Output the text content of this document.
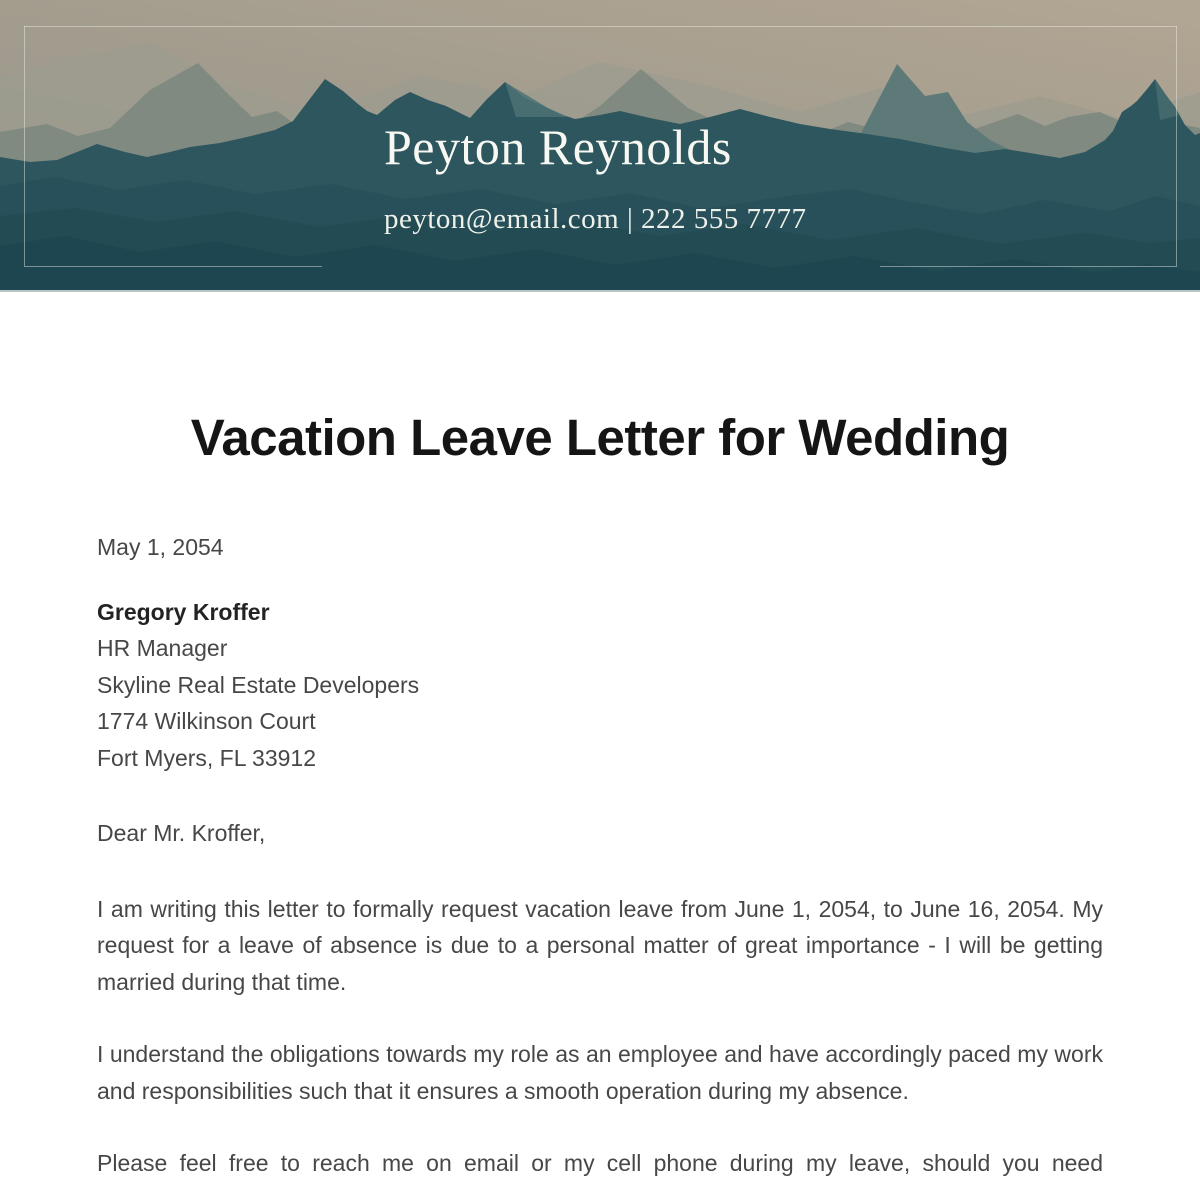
Peyton Reynolds
peyton@email.com | 222 555 7777
Vacation Leave Letter for Wedding

May 1, 2054

Gregory Kroffer
HR Manager
Skyline Real Estate Developers
1774 Wilkinson Court
Fort Myers, FL 33912

Dear Mr. Kroffer,

I am writing this letter to formally request vacation leave from June 1, 2054, to June 16, 2054. My request for a leave of absence is due to a personal matter of great importance - I will be getting married during that time.

I understand the obligations towards my role as an employee and have accordingly paced my work and responsibilities such that it ensures a smooth operation during my absence.

Please feel free to reach me on email or my cell phone during my leave, should you need
